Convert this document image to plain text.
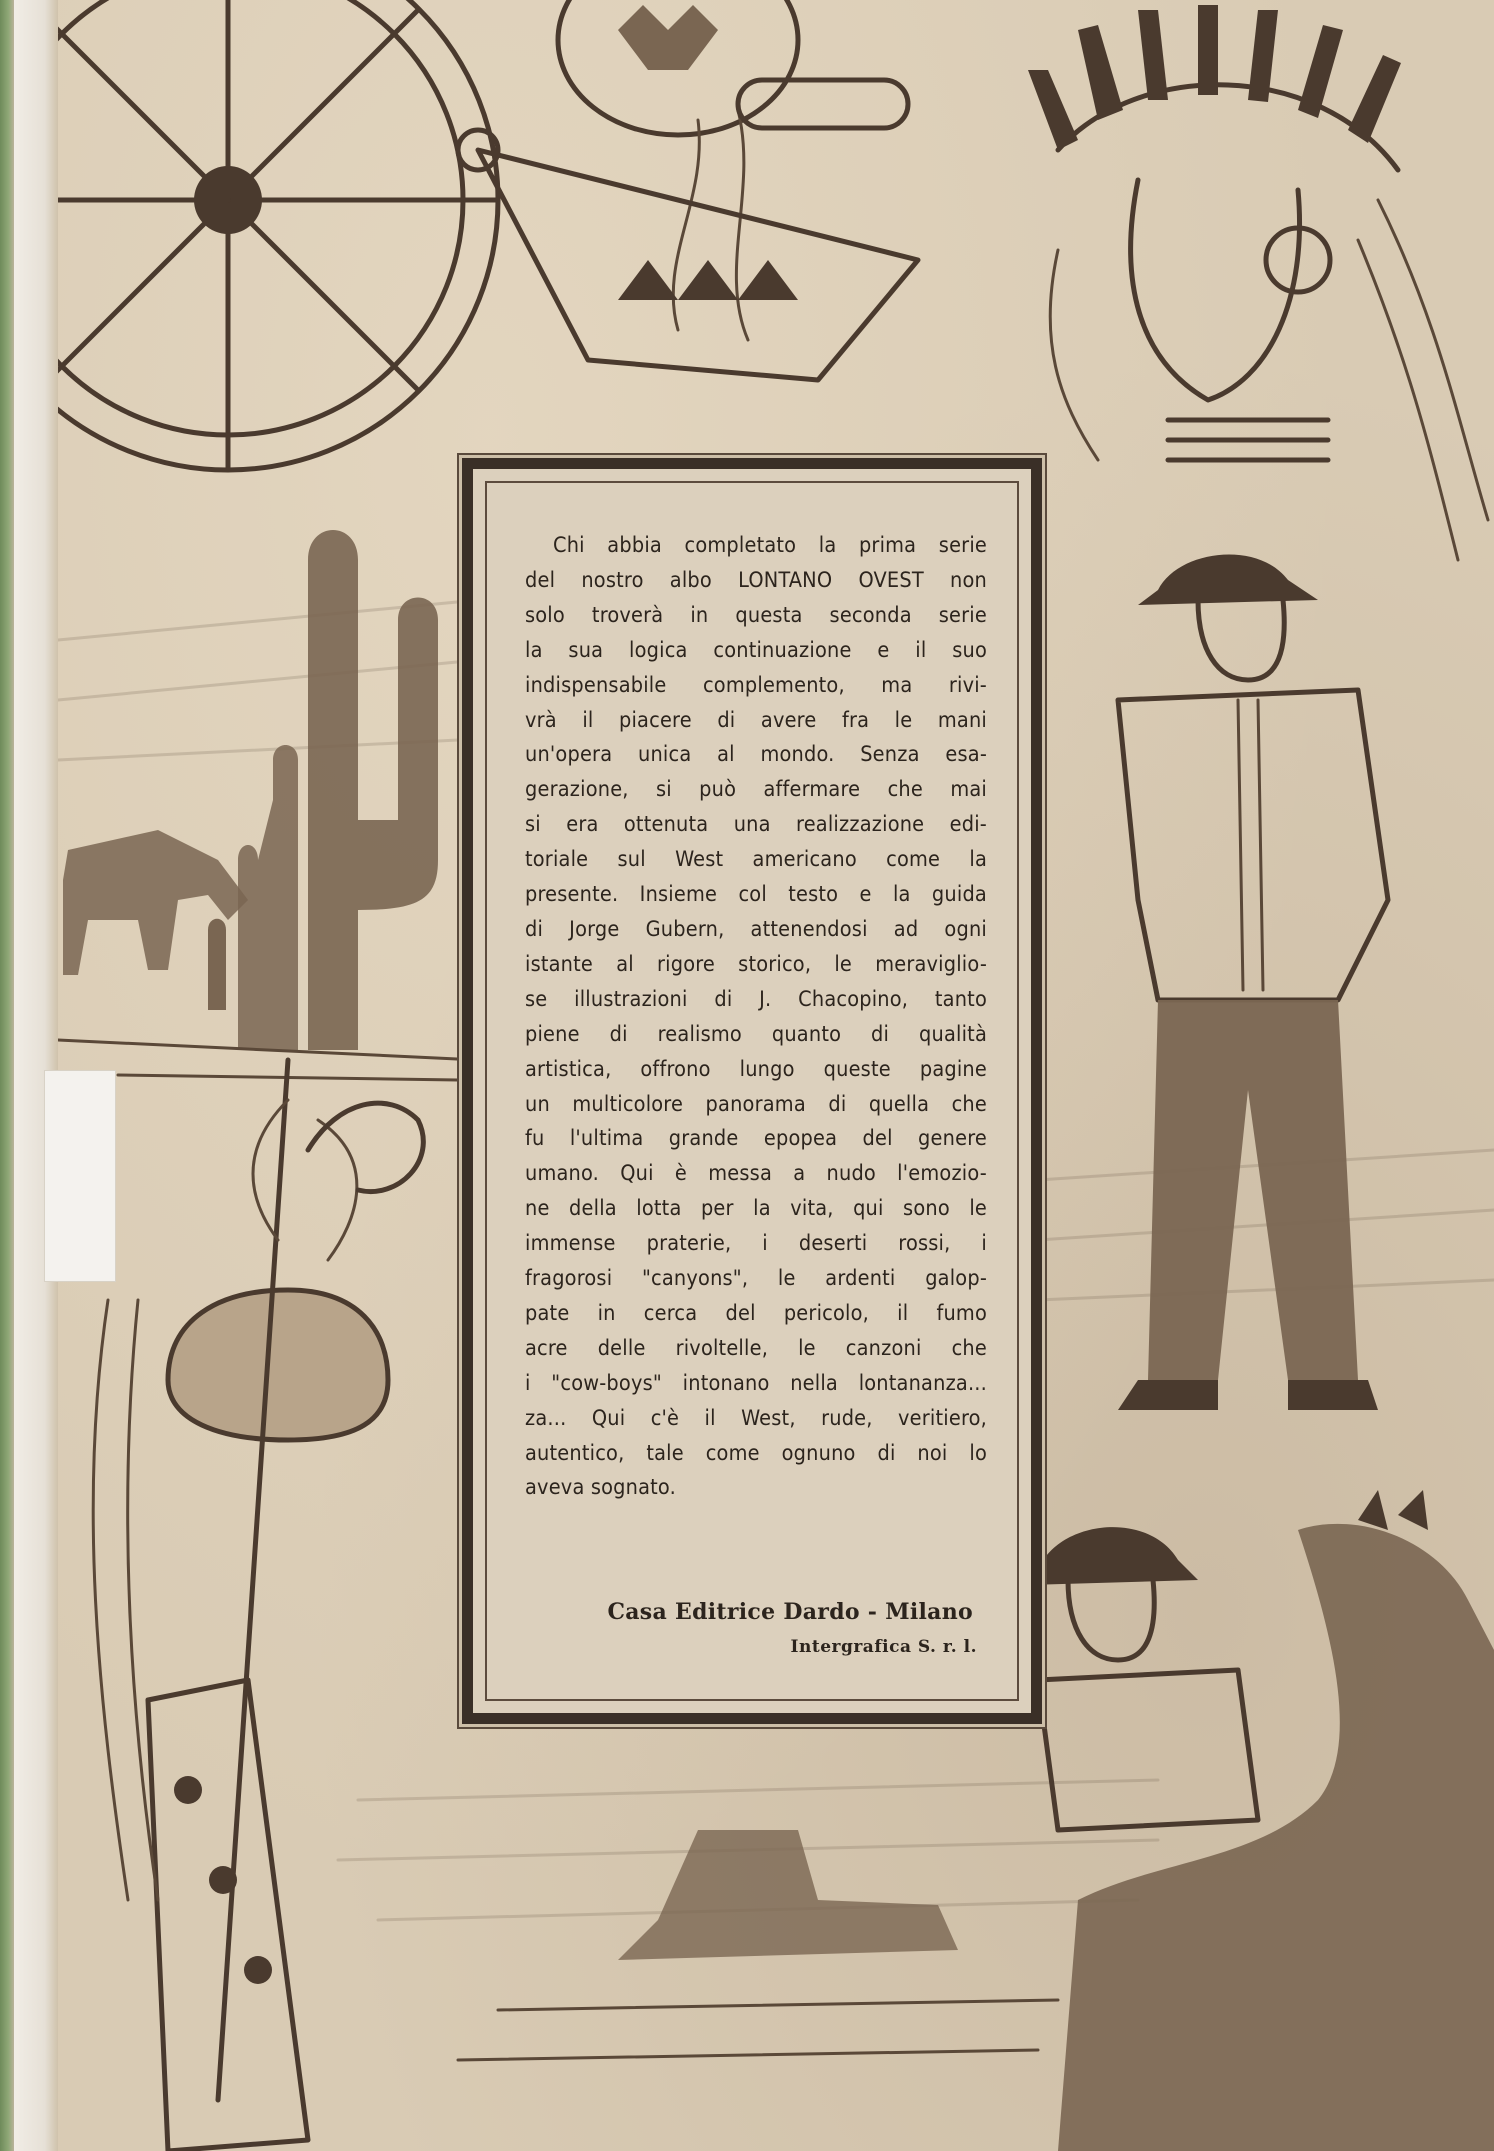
Chi abbia completato la prima serie
del nostro albo LONTANO OVEST non
solo troverà in questa seconda serie
la sua logica continuazione e il suo
indispensabile complemento, ma rivi-
vrà il piacere di avere fra le mani
un'opera unica al mondo. Senza esa-
gerazione, si può affermare che mai
si era ottenuta una realizzazione edi-
toriale sul West americano come la
presente. Insieme col testo e la guida
di Jorge Gubern, attenendosi ad ogni
istante al rigore storico, le meraviglio-
se illustrazioni di J. Chacopino, tanto
piene di realismo quanto di qualità
artistica, offrono lungo queste pagine
un multicolore panorama di quella che
fu l'ultima grande epopea del genere
umano. Qui è messa a nudo l'emozio-
ne della lotta per la vita, qui sono le
immense praterie, i deserti rossi, i
fragorosi "canyons", le ardenti galop-
pate in cerca del pericolo, il fumo
acre delle rivoltelle, le canzoni che
i "cow-boys" intonano nella lontananza...
za... Qui c'è il West, rude, veritiero,
autentico, tale come ognuno di noi lo
aveva sognato.

Casa Editrice Dardo - Milano
Intergrafica S. r. l.
